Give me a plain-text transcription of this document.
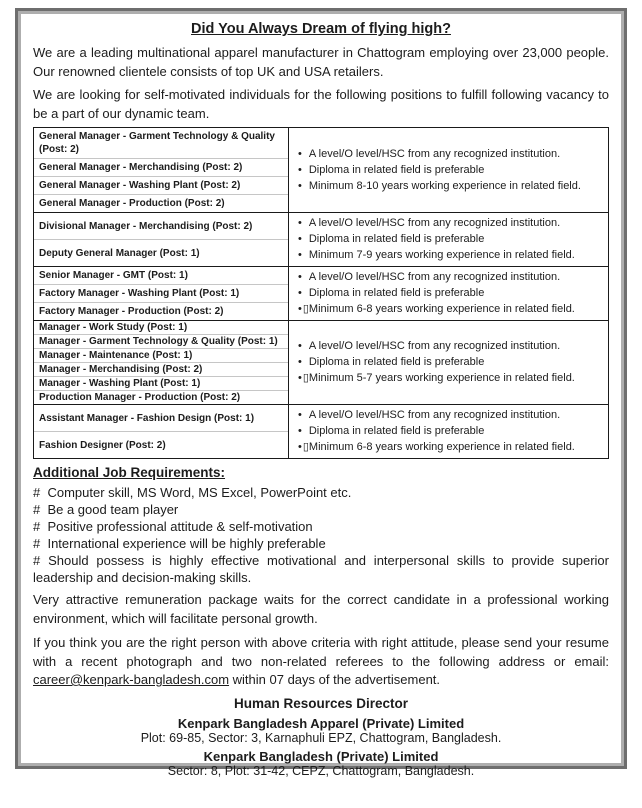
Did You Always Dream of flying high?

We are a leading multinational apparel manufacturer in Chattogram employing over 23,000 people. Our renowned clientele consists of top UK and USA retailers.

We are looking for self-motivated individuals for the following positions to fulfill following vacancy to be a part of our dynamic team.

General Manager - Garment Technology & Quality (Post: 2)
General Manager - Merchandising (Post: 2)
General Manager - Washing Plant (Post: 2)
General Manager - Production (Post: 2)
• A level/O level/HSC from any recognized institution.
• Diploma in related field is preferable
• Minimum 8-10 years working experience in related field.
Divisional Manager - Merchandising (Post: 2)
Deputy General Manager (Post: 1)
• A level/O level/HSC from any recognized institution.
• Diploma in related field is preferable
• Minimum 7-9 years working experience in related field.
Senior Manager - GMT (Post: 1)
Factory Manager - Washing Plant (Post: 1)
Factory Manager - Production (Post: 2)
• A level/O level/HSC from any recognized institution.
• Diploma in related field is preferable
• ▯Minimum 6-8 years working experience in related field.
Manager - Work Study (Post: 1)
Manager - Garment Technology & Quality (Post: 1)
Manager - Maintenance (Post: 1)
Manager - Merchandising (Post: 2)
Manager - Washing Plant (Post: 1)
Production Manager - Production (Post: 2)
• A level/O level/HSC from any recognized institution.
• Diploma in related field is preferable
• ▯Minimum 5-7 years working experience in related field.
Assistant Manager - Fashion Design (Post: 1)
Fashion Designer (Post: 2)
• A level/O level/HSC from any recognized institution.
• Diploma in related field is preferable
• ▯Minimum 6-8 years working experience in related field.
Additional Job Requirements:
#  Computer skill, MS Word, MS Excel, PowerPoint etc.
#  Be a good team player
#  Positive professional attitude & self-motivation
#  International experience will be highly preferable
# Should possess is highly effective motivational and interpersonal skills to provide superior leadership and decision-making skills.

Very attractive remuneration package waits for the correct candidate in a professional working environment, which will facilitate personal growth.

If you think you are the right person with above criteria with right attitude, please send your resume with a recent photograph and two non-related referees to the following address or email: career@kenpark-bangladesh.com within 07 days of the advertisement.

Human Resources Director
Kenpark Bangladesh Apparel (Private) Limited
Plot: 69-85, Sector: 3, Karnaphuli EPZ, Chattogram, Bangladesh.
Kenpark Bangladesh (Private) Limited
Sector: 8, Plot: 31-42, CEPZ, Chattogram, Bangladesh.
